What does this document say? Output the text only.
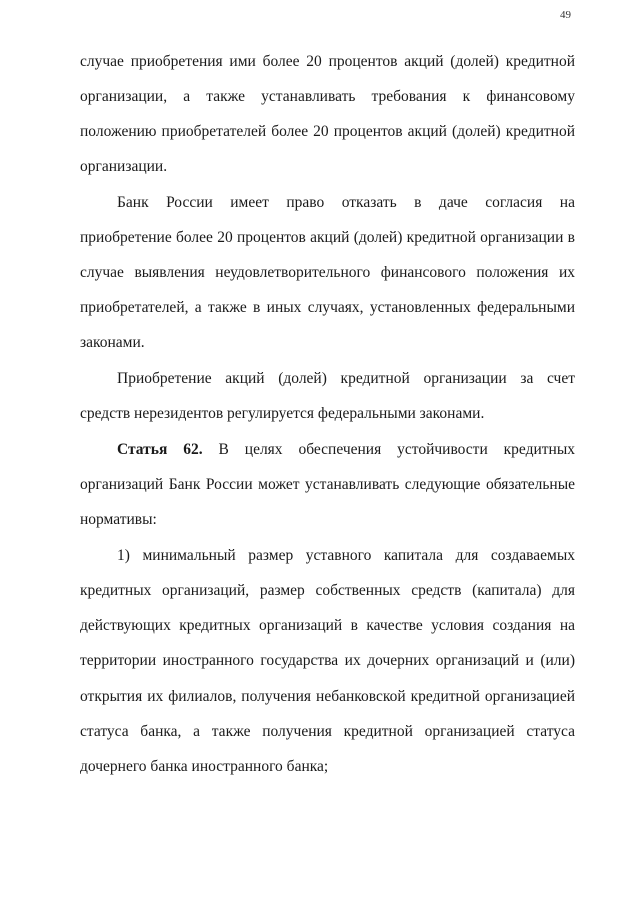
49
случае приобретения ими более 20 процентов акций (долей) кредитной
организации, а также устанавливать требования к финансовому
положению приобретателей более 20 процентов акций (долей) кредитной
организации.
Банк России имеет право отказать в даче согласия на
приобретение более 20 процентов акций (долей) кредитной организации в
случае выявления неудовлетворительного финансового положения их
приобретателей, а также в иных случаях, установленных федеральными
законами.
Приобретение акций (долей) кредитной организации за счет
средств нерезидентов регулируется федеральными законами.
Статья 62. В целях обеспечения устойчивости кредитных
организаций Банк России может устанавливать следующие обязательные
нормативы:
1) минимальный размер уставного капитала для создаваемых
кредитных организаций, размер собственных средств (капитала) для
действующих кредитных организаций в качестве условия создания на
территории иностранного государства их дочерних организаций и (или)
открытия их филиалов, получения небанковской кредитной организацией
статуса банка, а также получения кредитной организацией статуса
дочернего банка иностранного банка;
